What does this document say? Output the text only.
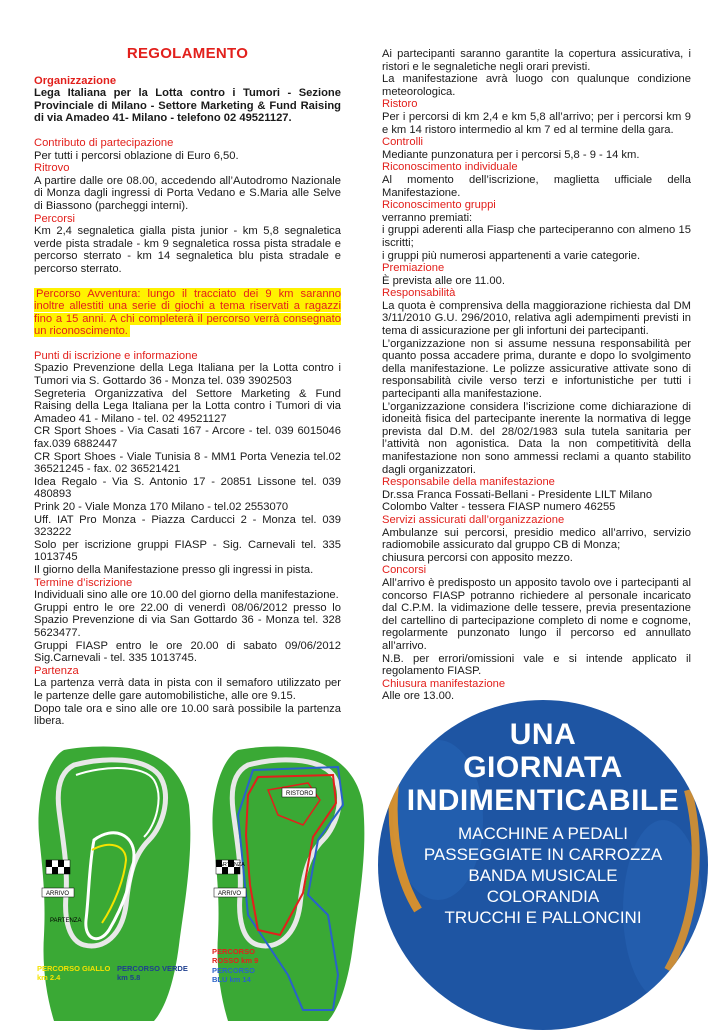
REGOLAMENTO
Organizzazione

Lega Italiana per la Lotta contro i Tumori - Sezione Provinciale di Milano - Settore Marketing & Fund Raising di via Amadeo 41- Milano - telefono 02 49521127.

Contributo di partecipazione

Per tutti i percorsi oblazione di Euro 6,50.

Ritrovo

A partire dalle ore 08.00, accedendo all’Autodromo Nazionale di Monza dagli ingressi di Porta Vedano e S.Maria alle Selve di Biassono (parcheggi interni).

Percorsi

Km 2,4 segnaletica gialla pista junior - km 5,8 segnaletica verde pista stradale - km 9 segnaletica rossa pista stradale e percorso sterrato - km 14 segnaletica blu pista stradale e percorso sterrato.

Percorso Avventura: lungo il tracciato dei 9 km saranno inoltre allestiti una serie di giochi a tema riservati a ragazzi fino a 15 anni. A chi completerà il percorso verrà consegnato un riconoscimento.

Punti di iscrizione e informazione

Spazio Prevenzione della Lega Italiana per la Lotta contro i Tumori via S. Gottardo 36 - Monza tel. 039 3902503

Segreteria Organizzativa del Settore Marketing & Fund Raising della Lega Italiana per la Lotta contro i Tumori di via Amadeo 41 - Milano - tel. 02 49521127

CR Sport Shoes - Via Casati 167 - Arcore - tel. 039 6015046 fax.039 6882447

CR Sport Shoes - Viale Tunisia 8 - MM1 Porta Venezia tel.02 36521245 - fax. 02 36521421

Idea Regalo - Via S. Antonio 17 - 20851 Lissone tel. 039 480893

Prink 20 - Viale Monza 170 Milano - tel.02 2553070

Uff. IAT Pro Monza - Piazza Carducci 2 - Monza tel. 039 323222

Solo per iscrizione gruppi FIASP - Sig. Carnevali tel. 335 1013745

Il giorno della Manifestazione presso gli ingressi in pista.

Termine d’iscrizione

Individuali sino alle ore 10.00 del giorno della manifestazione.

Gruppi entro le ore 22.00 di venerdì 08/06/2012 presso lo Spazio Prevenzione di via San Gottardo 36 - Monza tel. 328 5623477.

Gruppi FIASP entro le ore 20.00 di sabato 09/06/2012 Sig.Carnevali - tel. 335 1013745.

Partenza

La partenza verrà data in pista con il semaforo utilizzato per le partenze delle gare automobilistiche, alle ore 9.15.

Dopo tale ora e sino alle ore 10.00 sarà possibile la partenza libera.

Ai partecipanti saranno garantite la copertura assicurativa, i ristori e le segnaletiche negli orari previsti.

La manifestazione avrà luogo con qualunque condizione meteorologica.

Ristoro

Per i percorsi di km 2,4 e km 5,8 all’arrivo; per i percorsi km 9 e km 14 ristoro intermedio al km 7 ed al termine della gara.

Controlli

Mediante punzonatura per i percorsi 5,8 - 9 - 14 km.

Riconoscimento individuale

Al momento dell’iscrizione, maglietta ufficiale della Manifestazione.

Riconoscimento gruppi

verranno premiati:

i gruppi aderenti alla Fiasp che parteciperanno con almeno 15 iscritti;

i gruppi più numerosi appartenenti a varie categorie.

Premiazione

È prevista alle ore 11.00.

Responsabilità

La quota è comprensiva della maggiorazione richiesta dal DM 3/11/2010 G.U. 296/2010, relativa agli adempimenti previsti in tema di assicurazione per gli infortuni dei partecipanti.

L’organizzazione non si assume nessuna responsabilità per quanto possa accadere prima, durante e dopo lo svolgimento della manifestazione. Le polizze assicurative attivate sono di responsabilità civile verso terzi e infortunistiche per tutti i partecipanti alla manifestazione.

L’organizzazione considera l’iscrizione come dichiarazione di idoneità fisica del partecipante inerente la normativa di legge prevista dal D.M. del 28/02/1983 sula tutela sanitaria per l’attività non agonistica. Data la non competitività della manifestazione non sono ammessi reclami a quanto stabilito dagli organizzatori.

Responsabile della manifestazione

Dr.ssa Franca Fossati-Bellani - Presidente LILT Milano

Colombo Valter - tessera FIASP numero 46255

Servizi assicurati dall’organizzazione

Ambulanze sui percorsi, presidio medico all’arrivo, servizio radiomobile assicurato dal gruppo CB di Monza;

chiusura percorsi con apposito mezzo.

Concorsi

All’arrivo è predisposto un apposito tavolo ove i partecipanti al concorso FIASP potranno richiedere al personale incaricato dal C.P.M. la vidimazione delle tessere, previa presentazione del cartellino di partecipazione completo di nome e cognome, regolarmente punzonato lungo il percorso ed annullato all’arrivo.

N.B. per errori/omissioni vale e si intende applicato il regolamento FIASP.

Chiusura manifestazione

Alle ore 13.00.

ARRIVO
PARTENZA
PERCORSO GIALLO
km 2.4
PERCORSO VERDE
km 5.8
RISTORO
PARTENZA
ARRIVO
PERCORSO
ROSSO km 9
PERCORSO
BLU km 14
UNA
GIORNATA
INDIMENTICABILE
MACCHINE A PEDALI
PASSEGGIATE IN CARROZZA
BANDA MUSICALE
COLORANDIA
TRUCCHI E PALLONCINI
